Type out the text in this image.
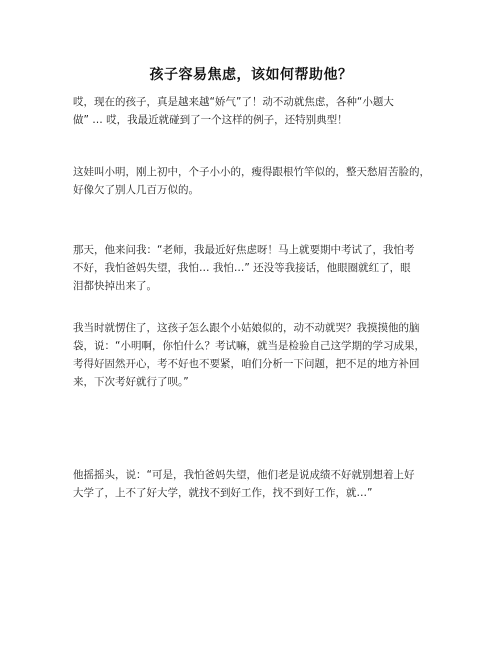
孩子容易焦虑，该如何帮助他？

哎，现在的孩子，真是越来越“娇气”了！动不动就焦虑，各种“小题大
做” … 哎，我最近就碰到了一个这样的例子，还特别典型！

这娃叫小明，刚上初中，个子小小的，瘦得跟根竹竿似的，整天愁眉苦脸的，
好像欠了别人几百万似的。

那天，他来问我：“老师，我最近好焦虑呀！马上就要期中考试了，我怕考
不好，我怕爸妈失望，我怕… 我怕…” 还没等我接话，他眼圈就红了，眼
泪都快掉出来了。

我当时就愣住了，这孩子怎么跟个小姑娘似的，动不动就哭？我摸摸他的脑
袋，说：“小明啊，你怕什么？考试嘛，就当是检验自己这学期的学习成果，
考得好固然开心，考不好也不要紧，咱们分析一下问题，把不足的地方补回
来，下次考好就行了呗。”

他摇摇头，说：“可是，我怕爸妈失望，他们老是说成绩不好就别想着上好
大学了，上不了好大学，就找不到好工作，找不到好工作，就…”
